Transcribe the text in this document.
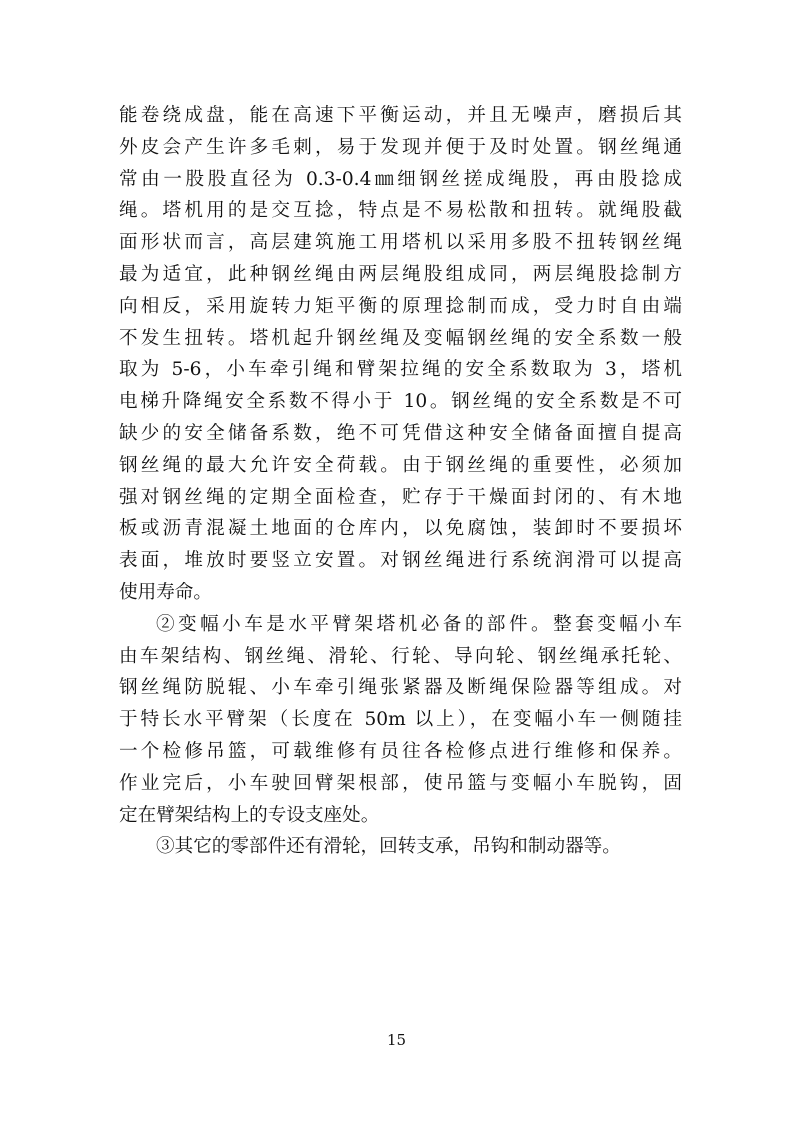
能卷绕成盘，能在高速下平衡运动，并且无噪声，磨损后其
外皮会产生许多毛刺，易于发现并便于及时处置。钢丝绳通
常由一股股直径为 0.3-0.4㎜细钢丝搓成绳股，再由股捻成
绳。塔机用的是交互捻，特点是不易松散和扭转。就绳股截
面形状而言，高层建筑施工用塔机以采用多股不扭转钢丝绳
最为适宜，此种钢丝绳由两层绳股组成同，两层绳股捻制方
向相反，采用旋转力矩平衡的原理捻制而成，受力时自由端
不发生扭转。塔机起升钢丝绳及变幅钢丝绳的安全系数一般
取为 5-6，小车牵引绳和臂架拉绳的安全系数取为 3，塔机
电梯升降绳安全系数不得小于 10。钢丝绳的安全系数是不可
缺少的安全储备系数，绝不可凭借这种安全储备面擅自提高
钢丝绳的最大允许安全荷载。由于钢丝绳的重要性，必须加
强对钢丝绳的定期全面检查，贮存于干燥面封闭的、有木地
板或沥青混凝土地面的仓库内，以免腐蚀，装卸时不要损坏
表面，堆放时要竖立安置。对钢丝绳进行系统润滑可以提高
使用寿命。
②变幅小车是水平臂架塔机必备的部件。整套变幅小车
由车架结构、钢丝绳、滑轮、行轮、导向轮、钢丝绳承托轮、
钢丝绳防脱辊、小车牵引绳张紧器及断绳保险器等组成。对
于特长水平臂架（长度在 50m 以上），在变幅小车一侧随挂
一个检修吊篮，可载维修有员往各检修点进行维修和保养。
作业完后，小车驶回臂架根部，使吊篮与变幅小车脱钩，固
定在臂架结构上的专设支座处。
③其它的零部件还有滑轮，回转支承，吊钩和制动器等。
15
